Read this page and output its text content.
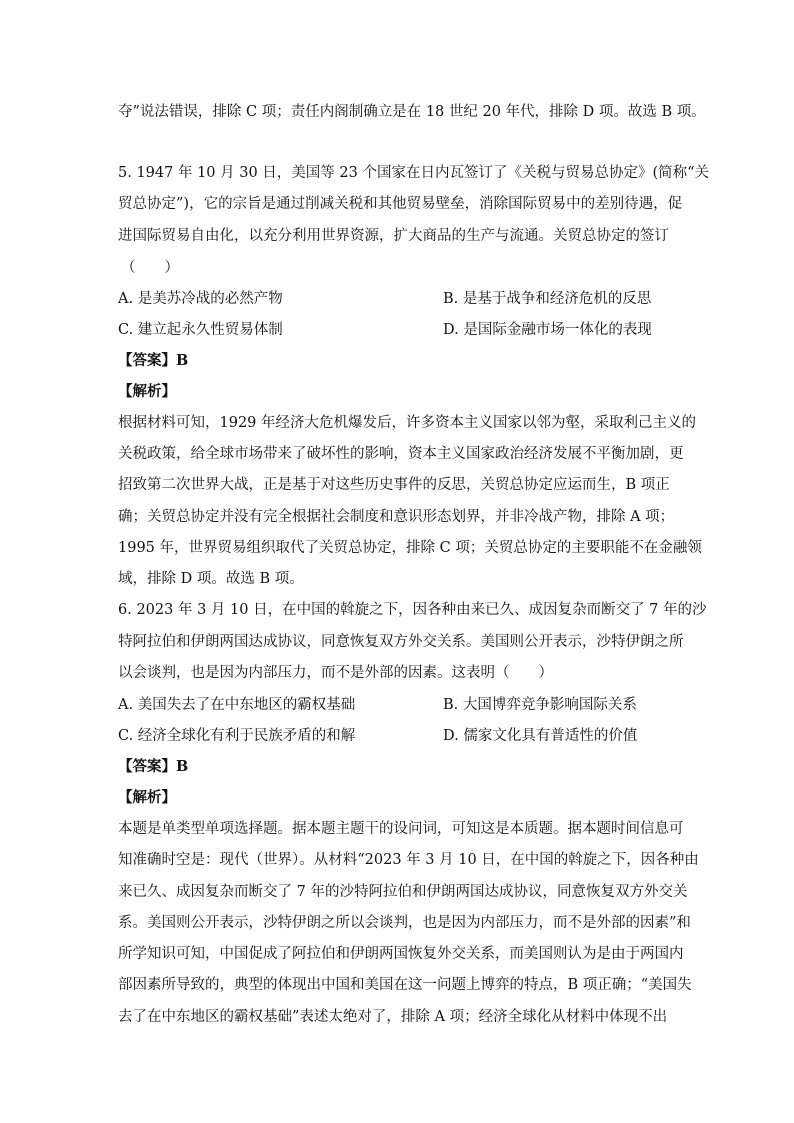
夺”说法错误，排除 C 项；责任内阁制确立是在 18 世纪 20 年代，排除 D 项。故选 B 项。
5. 1947 年 10 月 30 日，美国等 23 个国家在日内瓦签订了《关税与贸易总协定》(简称“关
贸总协定”)，它的宗旨是通过削减关税和其他贸易壁垒，消除国际贸易中的差别待遇，促
进国际贸易自由化，以充分利用世界资源，扩大商品的生产与流通。关贸总协定的签订
（　　）
A. 是美苏冷战的必然产物	B. 是基于战争和经济危机的反思
C. 建立起永久性贸易体制	D. 是国际金融市场一体化的表现
【答案】B
【解析】
根据材料可知，1929 年经济大危机爆发后，许多资本主义国家以邻为壑，采取利己主义的
关税政策，给全球市场带来了破坏性的影响，资本主义国家政治经济发展不平衡加剧，更
招致第二次世界大战，正是基于对这些历史事件的反思，关贸总协定应运而生，B 项正
确；关贸总协定并没有完全根据社会制度和意识形态划界，并非冷战产物，排除 A 项；
1995 年，世界贸易组织取代了关贸总协定，排除 C 项；关贸总协定的主要职能不在金融领
域，排除 D 项。故选 B 项。
6. 2023 年 3 月 10 日，在中国的斡旋之下，因各种由来已久、成因复杂而断交了 7 年的沙
特阿拉伯和伊朗两国达成协议，同意恢复双方外交关系。美国则公开表示，沙特伊朗之所
以会谈判，也是因为内部压力，而不是外部的因素。这表明（　　）
A. 美国失去了在中东地区的霸权基础	B. 大国博弈竞争影响国际关系
C. 经济全球化有利于民族矛盾的和解	D. 儒家文化具有普适性的价值
【答案】B
【解析】
本题是单类型单项选择题。据本题主题干的设问词，可知这是本质题。据本题时间信息可
知准确时空是：现代（世界）。从材料“2023 年 3 月 10 日，在中国的斡旋之下，因各种由
来已久、成因复杂而断交了 7 年的沙特阿拉伯和伊朗两国达成协议，同意恢复双方外交关
系。美国则公开表示，沙特伊朗之所以会谈判，也是因为内部压力，而不是外部的因素”和
所学知识可知，中国促成了阿拉伯和伊朗两国恢复外交关系，而美国则认为是由于两国内
部因素所导致的，典型的体现出中国和美国在这一问题上博弈的特点，B 项正确；“美国失
去了在中东地区的霸权基础”表述太绝对了，排除 A 项；经济全球化从材料中体现不出
